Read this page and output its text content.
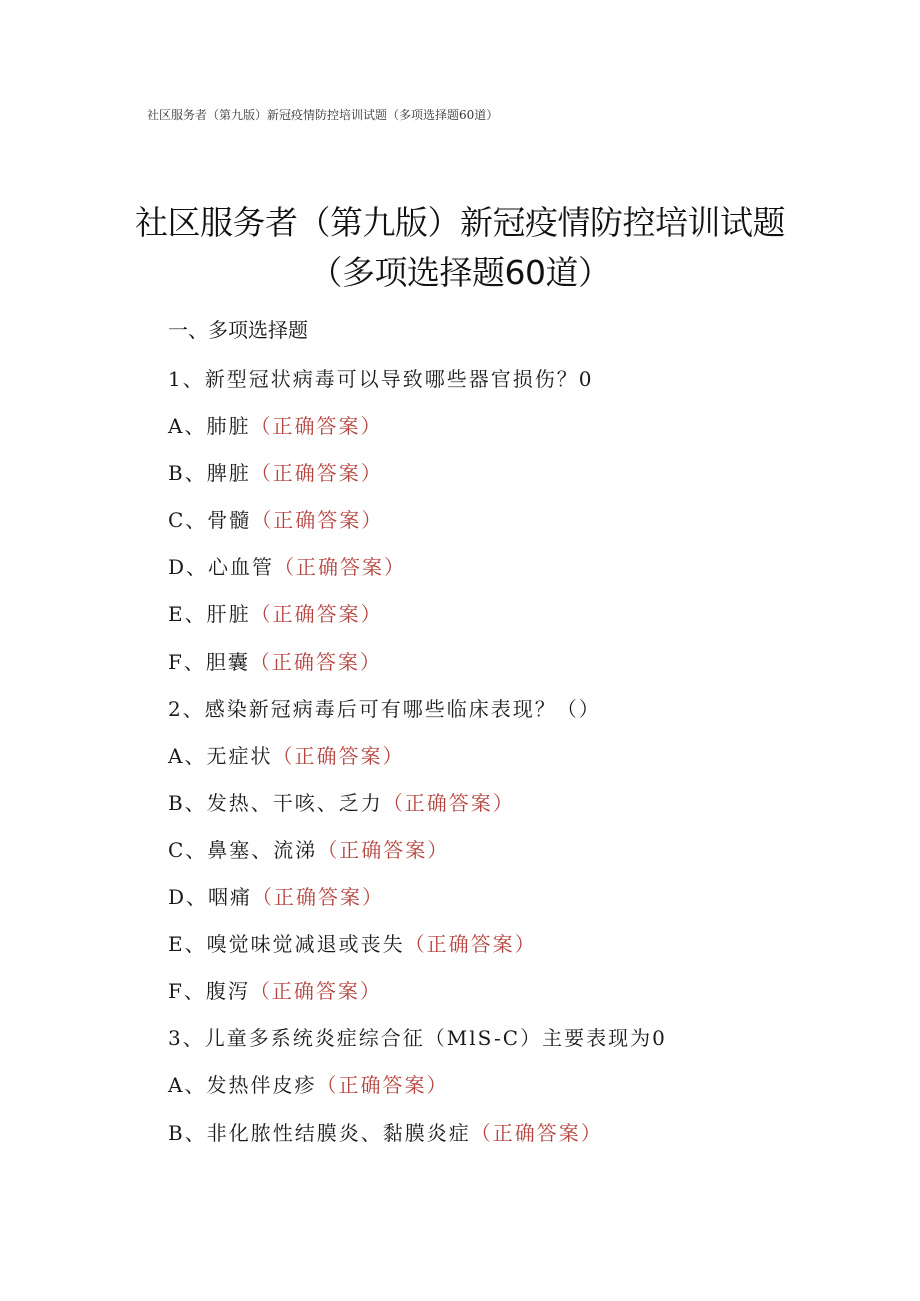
社区服务者（第九版）新冠疫情防控培训试题（多项选择题60道）
社区服务者（第九版）新冠疫情防控培训试题
（多项选择题60道）
一、多项选择题
1、新型冠状病毒可以导致哪些器官损伤？0
A、肺脏（正确答案）
B、脾脏（正确答案）
C、骨髓（正确答案）
D、心血管（正确答案）
E、肝脏（正确答案）
F、胆囊（正确答案）
2、感染新冠病毒后可有哪些临床表现？（）
A、无症状（正确答案）
B、发热、干咳、乏力（正确答案）
C、鼻塞、流涕（正确答案）
D、咽痛（正确答案）
E、嗅觉味觉减退或丧失（正确答案）
F、腹泻（正确答案）
3、儿童多系统炎症综合征（MlS-C）主要表现为0
A、发热伴皮疹（正确答案）
B、非化脓性结膜炎、黏膜炎症（正确答案）
